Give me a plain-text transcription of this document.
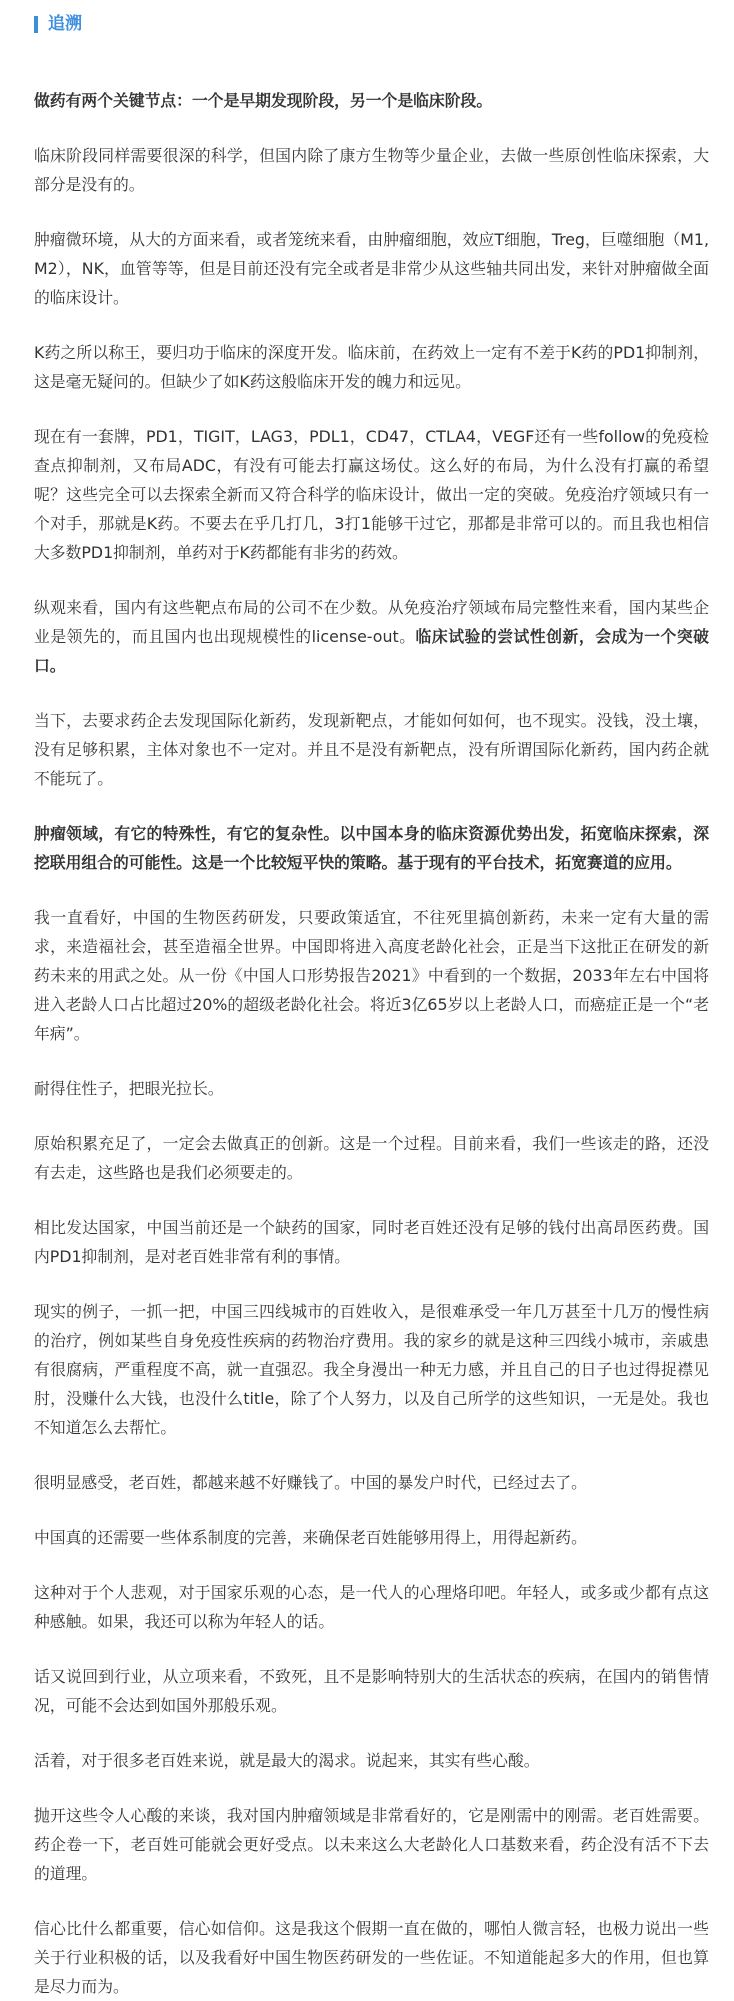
追溯

做药有两个关键节点：一个是早期发现阶段，另一个是临床阶段。

临床阶段同样需要很深的科学，但国内除了康方生物等少量企业，去做一些原创性临床探索，大部分是没有的。

肿瘤微环境，从大的方面来看，或者笼统来看，由肿瘤细胞，效应T细胞，Treg，巨噬细胞（M1,M2），NK，血管等等，但是目前还没有完全或者是非常少从这些轴共同出发，来针对肿瘤做全面的临床设计。

K药之所以称王，要归功于临床的深度开发。临床前，在药效上一定有不差于K药的PD1抑制剂，这是毫无疑问的。但缺少了如K药这般临床开发的魄力和远见。

现在有一套牌，PD1，TIGIT，LAG3，PDL1，CD47，CTLA4，VEGF还有一些follow的免疫检查点抑制剂，又布局ADC，有没有可能去打赢这场仗。这么好的布局，为什么没有打赢的希望呢？这些完全可以去探索全新而又符合科学的临床设计，做出一定的突破。免疫治疗领域只有一个对手，那就是K药。不要去在乎几打几，3打1能够干过它，那都是非常可以的。而且我也相信大多数PD1抑制剂，单药对于K药都能有非劣的药效。

纵观来看，国内有这些靶点布局的公司不在少数。从免疫治疗领域布局完整性来看，国内某些企业是领先的，而且国内也出现规模性的license-out。临床试验的尝试性创新，会成为一个突破口。

当下，去要求药企去发现国际化新药，发现新靶点，才能如何如何，也不现实。没钱，没土壤，没有足够积累，主体对象也不一定对。并且不是没有新靶点，没有所谓国际化新药，国内药企就不能玩了。

肿瘤领域，有它的特殊性，有它的复杂性。以中国本身的临床资源优势出发，拓宽临床探索，深挖联用组合的可能性。这是一个比较短平快的策略。基于现有的平台技术，拓宽赛道的应用。

我一直看好，中国的生物医药研发，只要政策适宜，不往死里搞创新药，未来一定有大量的需求，来造福社会，甚至造福全世界。中国即将进入高度老龄化社会，正是当下这批正在研发的新药未来的用武之处。从一份《中国人口形势报告2021》中看到的一个数据，2033年左右中国将进入老龄人口占比超过20%的超级老龄化社会。将近3亿65岁以上老龄人口，而癌症正是一个“老年病”。

耐得住性子，把眼光拉长。

原始积累充足了，一定会去做真正的创新。这是一个过程。目前来看，我们一些该走的路，还没有去走，这些路也是我们必须要走的。

相比发达国家，中国当前还是一个缺药的国家，同时老百姓还没有足够的钱付出高昂医药费。国内PD1抑制剂，是对老百姓非常有利的事情。

现实的例子，一抓一把，中国三四线城市的百姓收入，是很难承受一年几万甚至十几万的慢性病的治疗，例如某些自身免疫性疾病的药物治疗费用。我的家乡的就是这种三四线小城市，亲戚患有很腐病，严重程度不高，就一直强忍。我全身漫出一种无力感，并且自己的日子也过得捉襟见肘，没赚什么大钱，也没什么title，除了个人努力，以及自己所学的这些知识，一无是处。我也不知道怎么去帮忙。

很明显感受，老百姓，都越来越不好赚钱了。中国的暴发户时代，已经过去了。

中国真的还需要一些体系制度的完善，来确保老百姓能够用得上，用得起新药。

这种对于个人悲观，对于国家乐观的心态，是一代人的心理烙印吧。年轻人，或多或少都有点这种感触。如果，我还可以称为年轻人的话。

话又说回到行业，从立项来看，不致死，且不是影响特别大的生活状态的疾病，在国内的销售情况，可能不会达到如国外那般乐观。

活着，对于很多老百姓来说，就是最大的渴求。说起来，其实有些心酸。

抛开这些令人心酸的来谈，我对国内肿瘤领域是非常看好的，它是刚需中的刚需。老百姓需要。药企卷一下，老百姓可能就会更好受点。以未来这么大老龄化人口基数来看，药企没有活不下去的道理。

信心比什么都重要，信心如信仰。这是我这个假期一直在做的，哪怕人微言轻，也极力说出一些关于行业积极的话，以及我看好中国生物医药研发的一些佐证。不知道能起多大的作用，但也算是尽力而为。
